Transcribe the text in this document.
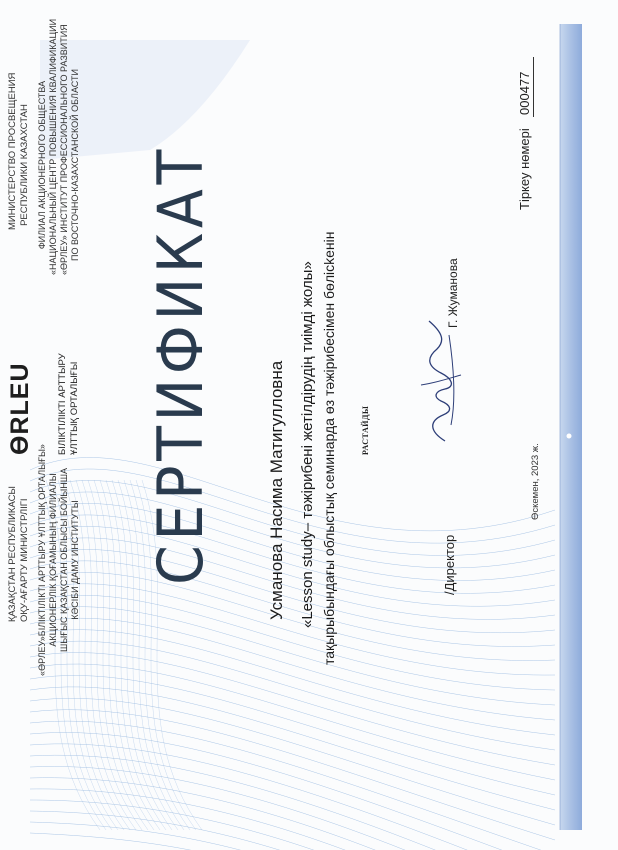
ҚАЗАҚСТАН РЕСПУБЛИКАСЫ ОҚУ-АҒАРТУ МИНИСТРЛІГІ «ӨРЛЕУ»БІЛІКТІЛІКТІ АРТТЫРУ ҰЛТТЫҚ ОРТАЛЫҒЫ» АКЦИОНЕРЛІК ҚОҒАМЫНЫҢ ФИЛИАЛЫ ШЫҒЫС ҚАЗАҚСТАН ОБЛЫСЫ БОЙЫНША КӘСІБИ ДАМУ ИНСТИТУТЫ
ƟRLEU БІЛІКТІЛІКТІ АРТТЫРУ ҰЛТТЫҚ ОРТАЛЫҒЫ
МИНИСТЕРСТВО ПРОСВЕЩЕНИЯ РЕСПУБЛИКИ КАЗАХСТАН ФИЛИАЛ АКЦИОНЕРНОГО ОБЩЕСТВА «НАЦИОНАЛЬНЫЙ ЦЕНТР ПОВЫШЕНИЯ КВАЛИФИКАЦИИ «ӨРЛЕУ» ИНСТИТУТ ПРОФЕССИОНАЛЬНОГО РАЗВИТИЯ ПО ВОСТОЧНО-КАЗАХСТАНСКОЙ ОБЛАСТИ СЕРТИФИКАТ	Усманова Насима Матигулловна «Lesson study– тәжірибені жетілдірудің тиімді жолы» тақырыбындағы облыстық семинарда өз тәжірибесімен бөлісkенін	РАСТАЙДЫ
/Директор
Г. Жуманова
Тіркеу нөмері
000477
Өскемен, 2023 ж.
